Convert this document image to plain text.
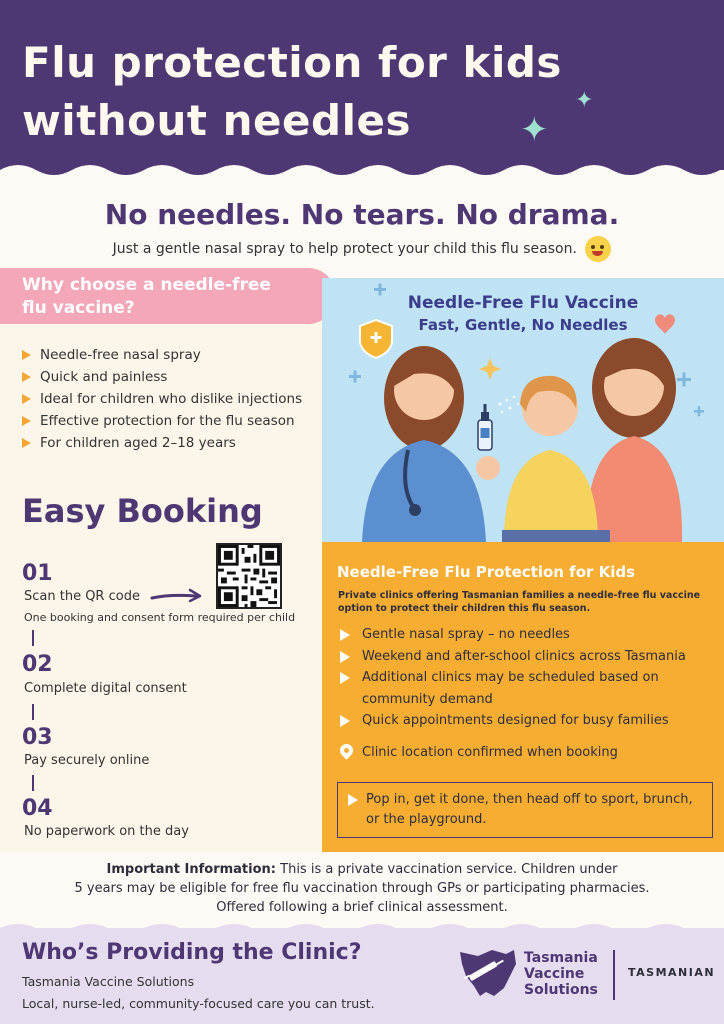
Flu protection for kids
without needles	✦
✦
No needles. No tears. No drama.
Just a gentle nasal spray to help protect your child this flu season.
Why choose a needle-free
flu vaccine?
Needle-free nasal spray
Quick and painless
Ideal for children who dislike injections
Effective protection for the flu season
For children aged 2–18 years
Easy Booking
01
Scan the QR code
One booking and consent form required per child
02
Complete digital consent
03
Pay securely online
04
No paperwork on the day
Needle-Free Flu Vaccine
Fast, Gentle, No Needles
Needle-Free Flu Protection for Kids
Private clinics offering Tasmanian families a needle-free flu vaccine option to protect their children this flu season.
Gentle nasal spray – no needles
Weekend and after-school clinics across Tasmania
Additional clinics may be scheduled based on community demand
Quick appointments designed for busy families
Clinic location confirmed when booking
Pop in, get it done, then head off to sport, brunch, or the playground.
Important Information: This is a private vaccination service. Children under
5 years may be eligible for free flu vaccination through GPs or participating pharmacies.
Offered following a brief clinical assessment.
Who’s Providing the Clinic?
Tasmania Vaccine Solutions
Local, nurse-led, community-focused care you can trust.
Tasmania
Vaccine
Solutions
TASMANIAN
